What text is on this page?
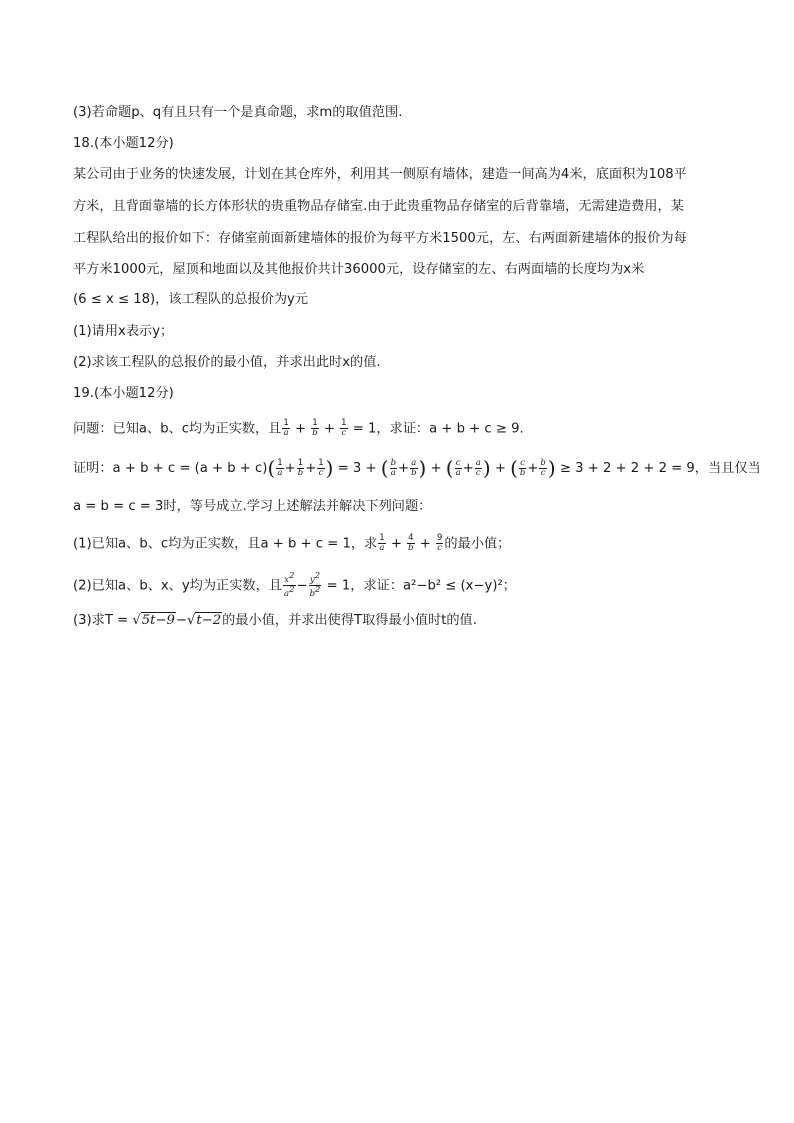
(3)若命题p、q有且只有一个是真命题，求m的取值范围.
18.(本小题12分)
某公司由于业务的快速发展，计划在其仓库外，利用其一侧原有墙体，建造一间高为4米，底面积为108平
方米，且背面靠墙的长方体形状的贵重物品存储室.由于此贵重物品存储室的后背靠墙，无需建造费用，某
工程队给出的报价如下：存储室前面新建墙体的报价为每平方米1500元，左、右两面新建墙体的报价为每
平方米1000元，屋顶和地面以及其他报价共计36000元，设存储室的左、右两面墙的长度均为x米
(6 ≤ x ≤ 18)，该工程队的总报价为y元
(1)请用x表示y；
(2)求该工程队的总报价的最小值，并求出此时x的值.
19.(本小题12分)
问题：已知a、b、c均为正实数，且 $\frac{1}{a} + \frac{1}{b} + \frac{1}{c} = 1$，求证：a + b + c ≥ 9.
证明：$a + b + c = (a + b + c)( \frac{1}{a} + \frac{1}{b} + \frac{1}{c}$ ) = 3 + ( $\frac{b}{a} + \frac{a}{b}$ ) + ( $\frac{c}{a} + \frac{a}{c}$ ) + ( $\frac{c}{b} + \frac{b}{c}$ ) ≥ 3 + 2 + 2 + 2 = 9，当且仅当
a = b = c = 3时，等号成立.学习上述解法并解决下列问题：
(1)已知a、b、c均为正实数，且a + b + c = 1，求 $\frac{1}{a} + \frac{4}{b} + \frac{9}{c}$ 的最小值；
(2)已知a、b、x、y均为正实数，且 $\frac{x^2}{a^2} - \frac{y^2}{b^2} = 1$，求证：a²−b² ≤ (x−y)²；
(3)求T = √5t−9−√t−2的最小值，并求出使得T取得最小值时t的值.
